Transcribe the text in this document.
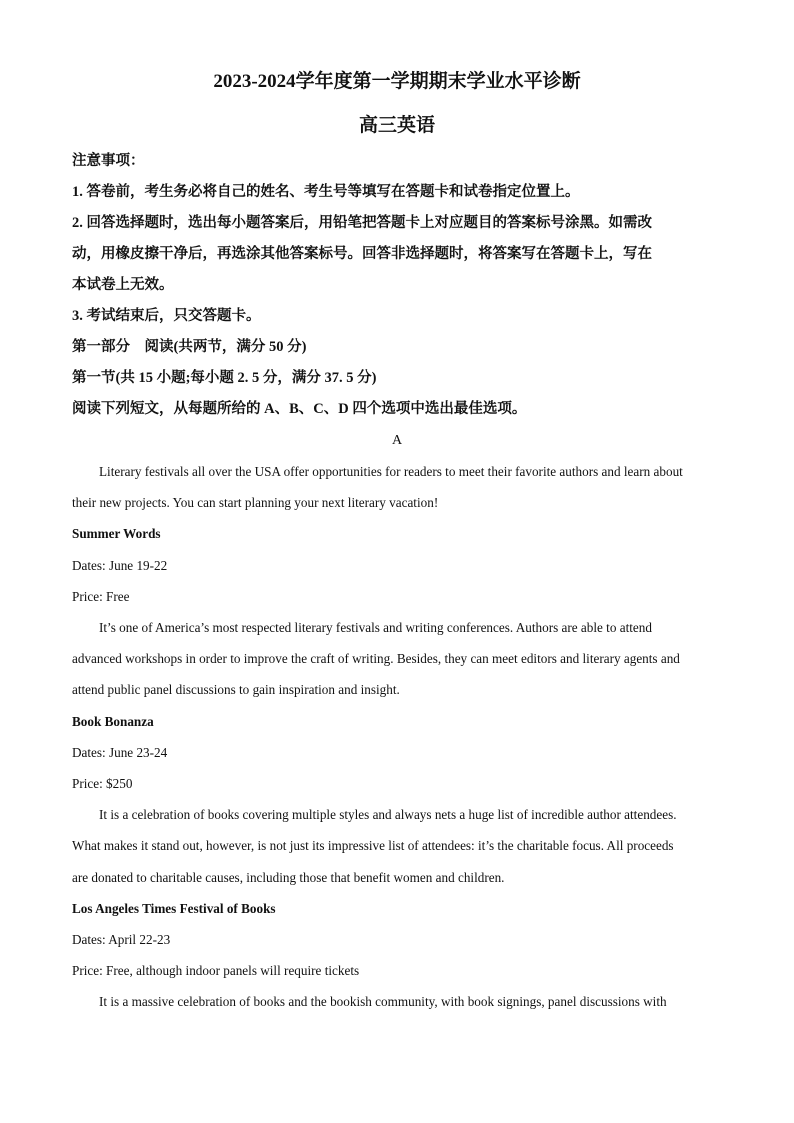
2023-2024学年度第一学期期末学业水平诊断
高三英语

注意事项：

1. 答卷前，考生务必将自己的姓名、考生号等填写在答题卡和试卷指定位置上。

2. 回答选择题时，选出每小题答案后，用铅笔把答题卡上对应题目的答案标号涂黑。如需改

动，用橡皮擦干净后，再选涂其他答案标号。回答非选择题时，将答案写在答题卡上，写在

本试卷上无效。

3. 考试结束后，只交答题卡。

第一部分　阅读(共两节，满分 50 分)

第一节(共 15 小题;每小题 2. 5 分，满分 37. 5 分)

阅读下列短文，从每题所给的 A、B、C、D 四个选项中选出最佳选项。

A

Literary festivals all over the USA offer opportunities for readers to meet their favorite authors and learn about

their new projects. You can start planning your next literary vacation!

Summer Words

Dates: June 19-22

Price: Free

It’s one of America’s most respected literary festivals and writing conferences. Authors are able to attend

advanced workshops in order to improve the craft of writing. Besides, they can meet editors and literary agents and

attend public panel discussions to gain inspiration and insight.

Book Bonanza

Dates: June 23-24

Price: $250

It is a celebration of books covering multiple styles and always nets a huge list of incredible author attendees.

What makes it stand out, however, is not just its impressive list of attendees: it’s the charitable focus. All proceeds

are donated to charitable causes, including those that benefit women and children.

Los Angeles Times Festival of Books

Dates: April 22-23

Price: Free, although indoor panels will require tickets

It is a massive celebration of books and the bookish community, with book signings, panel discussions with
